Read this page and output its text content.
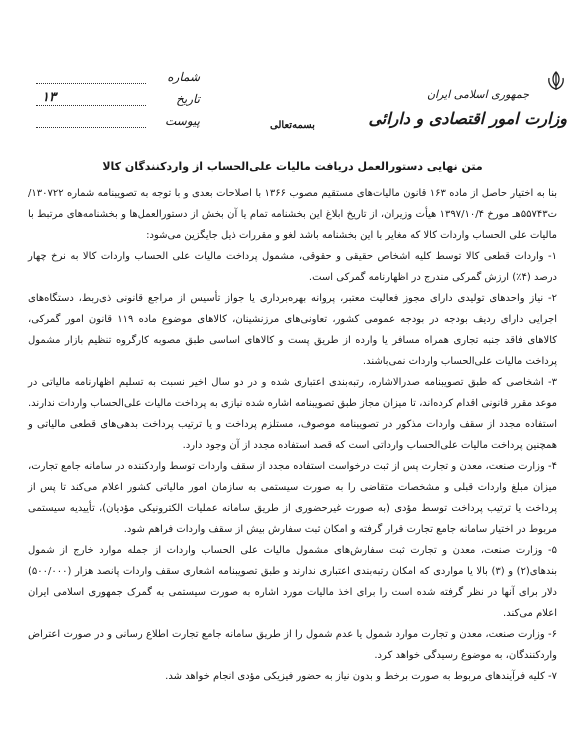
جمهوری اسلامی ایران
وزارت امور اقتصادی و دارائی
شماره
تاریخ
۱۳
پیوست	بسمه‌تعالی
متن نهایی دستورالعمل دریافت مالیات علی‌الحساب از واردکنندگان کالا

بنا به اختیار حاصل از ماده ۱۶۳ قانون مالیات‌های مستقیم مصوب ۱۳۶۶ با اصلاحات بعدی و با توجه به تصویبنامه شماره ۱۳۰۷۲۲/ت۵۵۷۴۳هـ مورخ ۱۳۹۷/۱۰/۴ هیأت وزیران، از تاریخ ابلاغ این بخشنامه تمام یا آن بخش از دستورالعمل‌ها و بخشنامه‌های مرتبط با مالیات علی الحساب واردات کالا که مغایر با این بخشنامه باشد لغو و مقررات ذیل جایگزین می‌شود:

۱- واردات قطعی کالا توسط کلیه اشخاص حقیقی و حقوقی، مشمول پرداخت مالیات علی الحساب واردات کالا به نرخ چهار درصد (۴٪) ارزش گمرکی مندرج در اظهارنامه گمرکی است.

۲- نیاز واحدهای تولیدی دارای مجوز فعالیت معتبر، پروانه بهره‌برداری یا جواز تأسیس از مراجع قانونی ذی‌ربط، دستگاه‌های اجرایی دارای ردیف بودجه در بودجه عمومی کشور، تعاونی‌های مرزنشینان، کالاهای موضوع ماده ۱۱۹ قانون امور گمرکی، کالاهای فاقد جنبه تجاری همراه مسافر یا وارده از طریق پست و کالاهای اساسی طبق مصوبه کارگروه تنظیم بازار مشمول پرداخت مالیات علی‌الحساب واردات نمی‌باشند.

۳- اشخاصی که طبق تصویبنامه صدرالاشاره، رتبه‌بندی اعتباری شده و در دو سال اخیر نسبت به تسلیم اظهارنامه مالیاتی در موعد مقرر قانونی اقدام کرده‌اند، تا میزان مجاز طبق تصویبنامه اشاره شده نیازی به پرداخت مالیات علی‌الحساب واردات ندارند. استفاده مجدد از سقف واردات مذکور در تصویبنامه موصوف، مستلزم پرداخت و یا ترتیب پرداخت بدهی‌های قطعی مالیاتی و همچنین پرداخت مالیات علی‌الحساب وارداتی است که قصد استفاده مجدد از آن وجود دارد.

۴- وزارت صنعت، معدن و تجارت پس از ثبت درخواست استفاده مجدد از سقف واردات توسط واردکننده در سامانه جامع تجارت، میزان مبلغ واردات قبلی و مشخصات متقاضی را به صورت سیستمی به سازمان امور مالیاتی کشور اعلام می‌کند تا پس از پرداخت یا ترتیب پرداخت توسط مؤدی (به صورت غیرحضوری از طریق سامانه عملیات الکترونیکی مؤدیان)، تأییدیه سیستمی مربوط در اختیار سامانه جامع تجارت قرار گرفته و امکان ثبت سفارش بیش از سقف واردات فراهم شود.

۵- وزارت صنعت، معدن و تجارت ثبت سفارش‌های مشمول مالیات علی الحساب واردات از جمله موارد خارج از شمول بندهای(۲) و (۳) بالا یا مواردی که امکان رتبه‌بندی اعتباری ندارند و طبق تصویبنامه اشعاری سقف واردات پانصد هزار (۵۰۰/۰۰۰) دلار برای آنها در نظر گرفته شده است را برای اخذ مالیات مورد اشاره به صورت سیستمی به گمرک جمهوری اسلامی ایران اعلام می‌کند.

۶- وزارت صنعت، معدن و تجارت موارد شمول یا عدم شمول را از طریق سامانه جامع تجارت اطلاع رسانی و در صورت اعتراض واردکنندگان، به موضوع رسیدگی خواهد کرد.

۷- کلیه فرآیندهای مربوط به صورت برخط و بدون نیاز به حضور فیزیکی مؤدی انجام خواهد شد.
